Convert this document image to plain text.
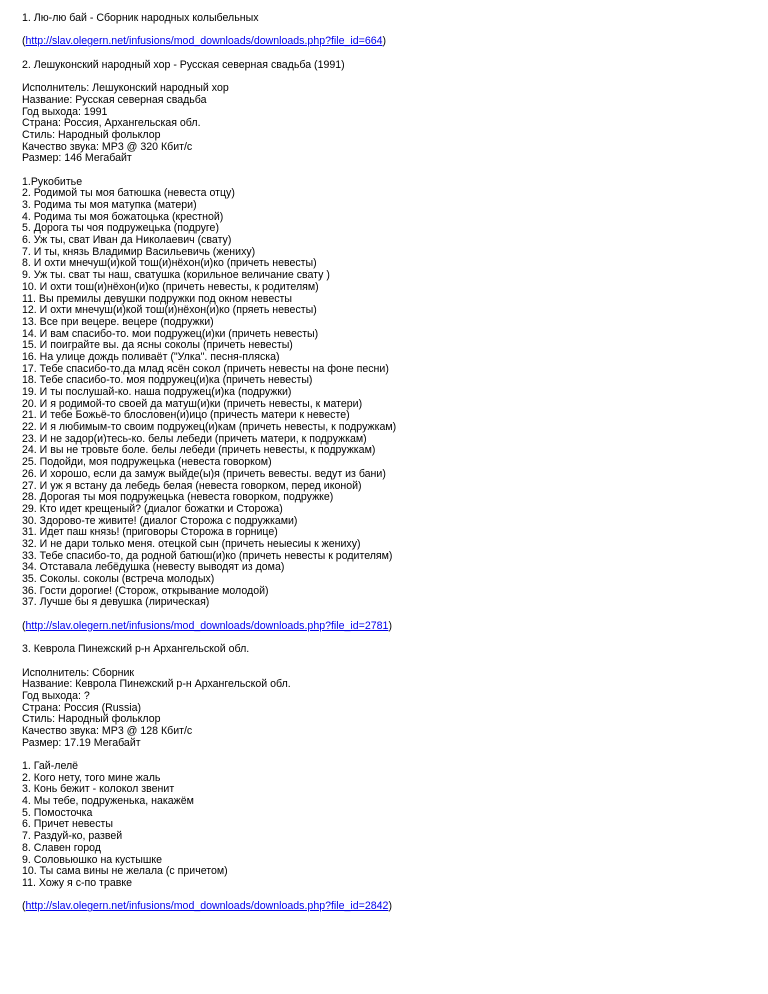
1. Лю-лю бай - Сборник народных колыбельных
(http://slav.olegern.net/infusions/mod_downloads/downloads.php?file_id=664)
2. Лешуконский народный хор - Русская северная свадьба (1991)
Исполнитель: Лешуконский народный хор
Название: Русская северная свадьба
Год выхода: 1991
Страна: Россия, Архангельская обл.
Стиль: Народный фольклор
Качество звука: MP3 @ 320 Кбит/с
Размер: 146 Мегабайт
1.Рукобитье
2. Родимой ты моя батюшка (невеста отцу)
3. Родима ты моя матупка (матери)
4. Родима ты моя божатоцька (крестной)
5. Дорога ты чоя подружецька (подруге)
6. Уж ты, сват Иван да Николаевич (свату)
7. И ты, князь Владимир Васильевичь (жениху)
8. И охти мнечуш(и)кой тош(и)нёхон(и)ко (причеть невесты)
9. Уж ты. сват ты наш, сватушка (корильное величание свату )
10. И охти тош(и)нёхон(и)ко (причеть невесты, к родителям)
11. Вы премилы девушки подружки под окном невесты
12. И охти мнечуш(и)кой тош(и)нёхон(и)ко (пряеть невесты)
13. Все при вецере. вецере (подружки)
14. И вам спасибо-то. мои подружец(и)ки (причеть невесты)
15. И поиграйте вы. да ясны соколы (причеть невесты)
16. На улице дождь поливаёт ("Улка". песня-пляска)
17. Тебе спасибо-то.да млад ясён сокол (причеть невесты на фоне песни)
18. Тебе спасибо-то. моя подружец(и)ка (причеть невесты)
19. И ты послушай-ко. наша подружец(и)ка (подружки)
20. И я родимой-то своей да матуш(и)ки (причеть невесты, к матери)
21. И тебе Божьё-то блословен(и)ицо (причесть матери к невесте)
22. И я любимым-то своим подружец(и)кам (причеть невесты, к подружкам)
23. И не задор(и)тесь-ко. белы лебеди (причеть матери, к подружкам)
24. И вы не тровьте боле. белы лебеди (причеть невесты, к подружкам)
25. Подойди, моя подружецька (невеста говорком)
26. И хорошо, если да замуж выйде(ы)я (причеть вевесты. ведут из бани)
27. И уж я встану да лебедь белая (невеста говорком, перед иконой)
28. Дорогая ты моя подружецька (невеста говорком, подружке)
29. Кто идет крещеный? (диалог божатки и Сторожа)
30. Здорово-те живите! (диалог Сторожа с подружками)
31. Идет паш князь! (приговоры Сторожа в горнице)
32. И не дари только меня. отецкой сын (причеть неыесиы к жениху)
33. Тебе спасибо-то, да родной батюш(и)ко (причеть невесты к родителям)
34. Отставала лебёдушка (невесту выводят из дома)
35. Соколы. соколы (встреча молодых)
36. Гости дорогие! (Сторож, открывание молодой)
37. Лучше бы я девушка (лирическая)
(http://slav.olegern.net/infusions/mod_downloads/downloads.php?file_id=2781)
3. Кеврола Пинежский р-н Архангельской обл.
Исполнитель: Сборник
Название: Кеврола Пинежский р-н Архангельской обл.
Год выхода: ?
Страна: Россия (Russia)
Стиль: Народный фольклор
Качество звука: MP3 @ 128 Кбит/с
Размер: 17.19 Мегабайт
1. Гай-лелё
2. Кого нету, того мине жаль
3. Конь бежит - колокол звенит
4. Мы тебе, подруженька, накажём
5. Помосточка
6. Причет невесты
7. Раздуй-ко, развей
8. Славен город
9. Соловьюшко на кустышке
10. Ты сама вины не желала (с причетом)
11. Хожу я с-по травке
(http://slav.olegern.net/infusions/mod_downloads/downloads.php?file_id=2842)
